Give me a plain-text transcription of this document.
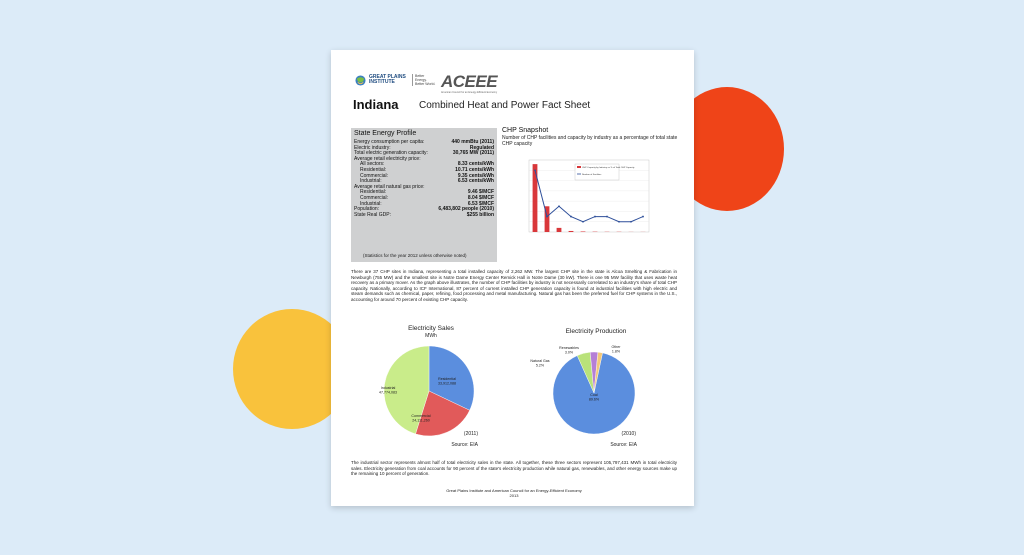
GREAT PLAINS INSTITUTE
Better Energy. Better World. ACEEE
American Council for an Energy-Efficient Economy
Indiana Combined Heat and Power Fact Sheet
State Energy Profile
Energy consumption per capita:	440 mmBtu (2011)
Electric industry:	Regulated
Total electric generation capacity:	30,765 MW (2011)
Average retail electricity price:
All sectors:	8.33 cents/kWh
Residential:	10.71 cents/kWh
Commercial:	9.35 cents/kWh
Industrial:	6.53 cents/kWh
Average retail natural gas price:
Residential:	9.46 $/MCF
Commercial:	8.04 $/MCF
Industrial:	6.53 $/MCF
Population:	6,483,802 people (2010)
State Real GDP:	$255 billion
(Statistics for the year 2012 unless otherwise noted)
CHP Snapshot
Number of CHP facilities and capacity by industry as a percentage of total state CHP capacity
CHP Capacity by Industry as % of Total CHP Capacity
Number of Facilities
There are 37 CHP sites in Indiana, representing a total installed capacity of 2,262 MW. The largest CHP site in the state is Alcoa Smelting & Fabrication in Newburgh (755 MW) and the smallest site is Notre Dame Energy Center Remick Hall in Notre Dame (30 kW). There is one 95 MW facility that uses waste heat recovery as a primary mover. As the graph above illustrates, the number of CHP facilities by industry is not necessarily correlated to an industry's share of total CHP capacity. Nationally, according to ICF International, 87 percent of current installed CHP generation capacity is found at industrial facilities with high electric and steam demands such as chemical, paper, refining, food processing and metal manufacturing. Natural gas has been the preferred fuel for CHP systems in the U.S., accounting for around 70 percent of existing CHP capacity.
Electricity Sales
MWh
Residential
33,912,088
Commercial
24,111,260
Industrial
47,774,083
(2011)
Source: EIA
Electricity Production
Coal
89.6%
Natural Gas
5.2%
Renewables
3.0%
Other
1.8%
(2010)
Source: EIA
The industrial sector represents almost half of total electricity sales in the state. All together, these three sectors represent 105,797,431 MWh in total electricity sales. Electricity generation from coal accounts for 90 percent of the state's electricity production while natural gas, renewables, and other energy sources make up the remaining 10 percent of generation.
Great Plains Institute and American Council for an Energy-Efficient Economy
2013
